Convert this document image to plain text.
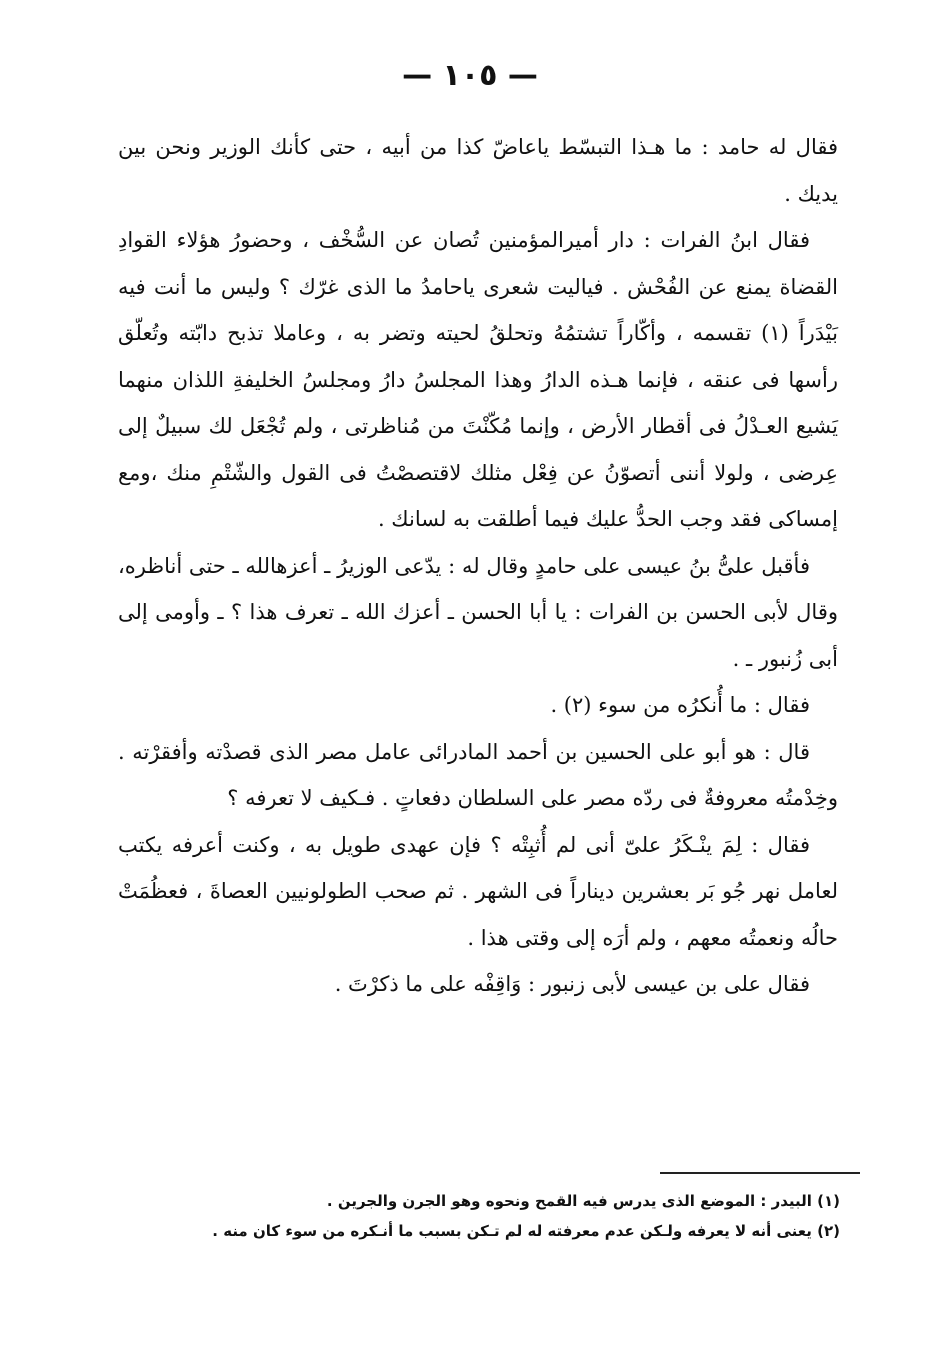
— ١٠٥ —

فقال له حامد : ما هـذا التبسّط ياعاضّ كذا من أبيه ، حتى كأنك الوزير ونحن بين يديك .

فقال ابنُ الفرات : دار أميرالمؤمنين تُصان عن السُّخْف ، وحضورُ هؤلاء القوادِ القضاة يمنع عن الفُحْش . فياليت شعرى ياحامدُ ما الذى غرّك ؟ وليس ما أنت فيه بَيْدَراً (١) تقسمه ، وأكّاراً تشتمُهُ وتحلقُ لحيته وتضر به ، وعاملا تذبح دابّته وتُعلّق رأسها فى عنقه ، فإنما هـذه الدارُ وهذا المجلسُ دارُ ومجلسُ الخليفةِ اللذان منهما يَشيع العـدْلُ فى أقطار الأرض ، وإنما مُكّنْتَ من مُناظرتى ، ولم تُجْعَل لك سبيلٌ إلى عِرضى ، ولولا أننى أتصوّنُ عن فِعْل مثلك لاقتصصْتُ فى القول والشّتْمِ منك ،ومع إمساكى فقد وجب الحدُّ عليك فيما أطلقت به لسانك .

فأقبل علىُّ بنُ عيسى على حامدٍ وقال له : يدّعى الوزيرُ ـ أعزهالله ـ حتى أناظره، وقال لأبى الحسن بن الفرات : يا أبا الحسن ـ أعزك الله ـ تعرف هذا ؟ ـ وأومى إلى أبى زُنبور ـ .

فقال : ما أُنكرُه من سوء (٢) .

قال : هو أبو على الحسين بن أحمد المادرائى عامل مصر الذى قصدْته وأفقرْته . وخِدْمتُه معروفةٌ فى ردّه مصر على السلطان دفعاتٍ . فـكيف لا تعرفه ؟

فقال : لِمَ ينْـكَرُ علىّ أنى لم أُثبِتْه ؟ فإن عهدى طويل به ، وكنت أعرفه يكتب لعامل نهر جُو بَر بعشرين ديناراً فى الشهر . ثم صحب الطولونيين العصاةَ ، فعظُمَتْ حالُه ونعمتُه معهم ، ولم أرَه إلى وقتى هذا .

فقال على بن عيسى لأبى زنبور : وَاقِفْه على ما ذكرْتَ .

(١) البيدر : الموضع الذى يدرس فيه القمح ونحوه وهو الجرن والجرين .

(٢) يعنى أنه لا يعرفه ولـكن عدم معرفته له لم تـكن بسبب ما أنـكره من سوء كان منه .
